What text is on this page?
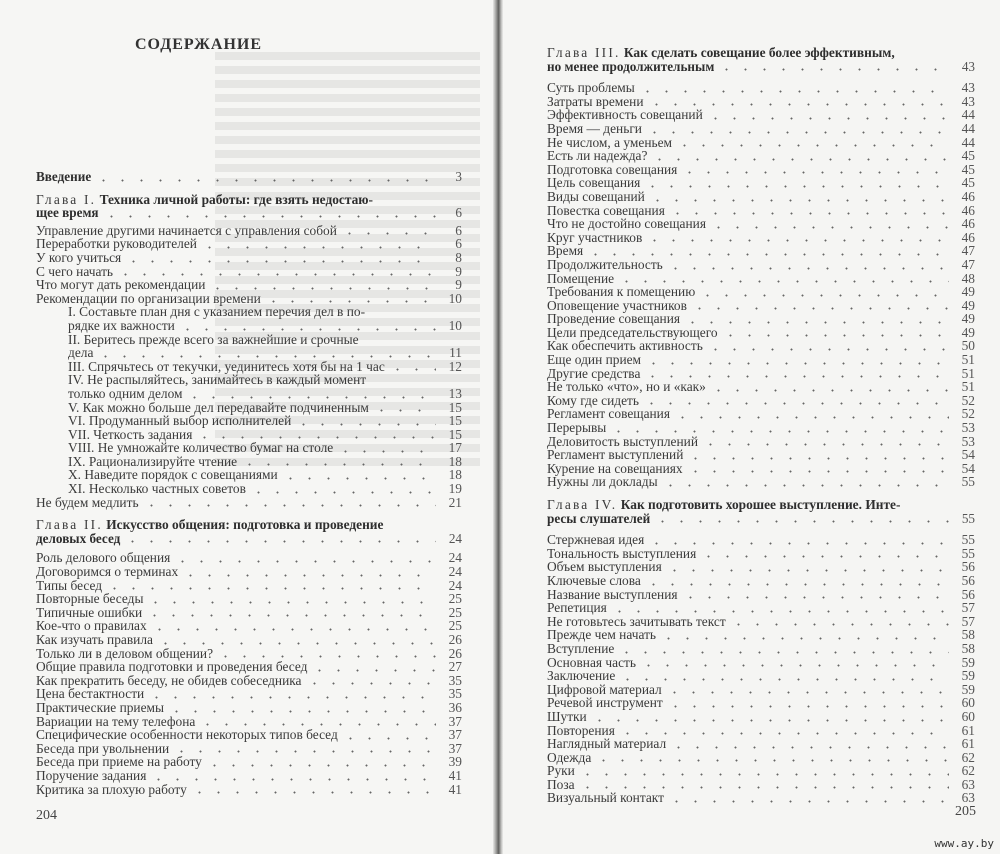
СОДЕРЖАНИЕ
Введение	3
Глава I. Техника личной работы: где взять недостаю-
щее время	6
Управление другими начинается с управления собой	6
Переработки руководителей	6
У кого учиться	8
С чего начать	9
Что могут дать рекомендации	9
Рекомендации по организации времени	10
I. Составьте план дня с указанием перечия дел в по-
рядке их важности	10
II. Беритесь прежде всего за важнейшие и срочные
дела	11
III. Спрячьтесь от текучки, уединитесь хотя бы на 1 час	12
IV. Не распыляйтесь, занимайтесь в каждый момент
только одним делом	13
V. Как можно больше дел передавайте подчиненным	15
VI. Продуманный выбор исполнителей	15
VII. Четкость задания	15
VIII. Не умножайте количество бумаг на столе	17
IX. Рационализируйте чтение	18
X. Наведите порядок с совещаниями	18
XI. Несколько частных советов	19
Не будем медлить	21
Глава II. Искусство общения: подготовка и проведение
деловых бесед	24
Роль делового общения	24
Договоримся о терминах	24
Типы бесед	24
Повторные беседы	25
Типичные ошибки	25
Кое-что о правилах	25
Как изучать правила	26
Только ли в деловом общении?	26
Общие правила подготовки и проведения бесед	27
Как прекратить беседу, не обидев собеседника	35
Цена бестактности	35
Практические приемы	36
Вариации на тему телефона	37
Специфические особенности некоторых типов бесед	37
Беседа при увольнении	37
Беседа при приеме на работу	39
Поручение задания	41
Критика за плохую работу	41
204
Глава III. Как сделать совещание более эффективным,
но менее продолжительным	43
Суть проблемы	43
Затраты времени	43
Эффективность совещаний	44
Время — деньги	44
Не числом, а уменьем	44
Есть ли надежда?	45
Подготовка совещания	45
Цель совещания	45
Виды совещаний	46
Повестка совещания	46
Что не достойно совещания	46
Круг участников	46
Время	47
Продолжительность	47
Помещение	48
Требования к помещению	49
Оповещение участников	49
Проведение совещания	49
Цели председательствующего	49
Как обеспечить активность	50
Еще один прием	51
Другие средства	51
Не только «что», но и «как»	51
Кому где сидеть	52
Регламент совещания	52
Перерывы	53
Деловитость выступлений	53
Регламент выступлений	54
Курение на совещаниях	54
Нужны ли доклады	55
Глава IV. Как подготовить хорошее выступление. Инте-
ресы слушателей	55
Стержневая идея	55
Тональность выступления	55
Объем выступления	56
Ключевые слова	56
Название выступления	56
Репетиция	57
Не готовьтесь зачитывать текст	57
Прежде чем начать	58
Вступление	58
Основная часть	59
Заключение	59
Цифровой материал	59
Речевой инструмент	60
Шутки	60
Повторения	61
Наглядный материал	61
Одежда	62
Руки	62
Поза	63
Визуальный контакт	63
205
www.ay.by
